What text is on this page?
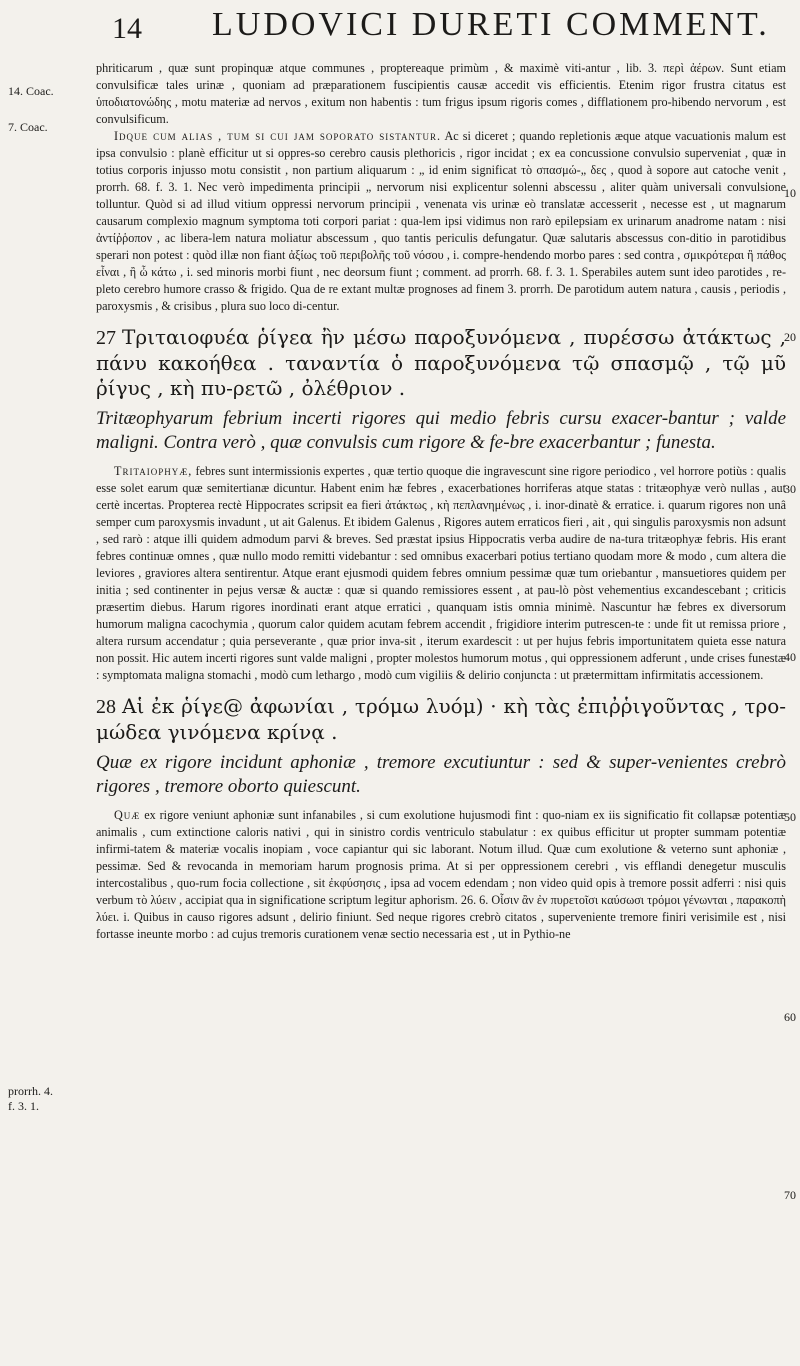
14 LUDOVICI DURETI COMMENT.
14. Coac.
7. Coac.
prorrh. 4.
f. 3. 1.
10
20
30
40
50
60
70

phriticarum , quæ sunt propinquæ atque communes , proptereaque primùm , & maximè viti-antur , lib. 3. περὶ ἀέρων. Sunt etiam convulsificæ tales urinæ , quoniam ad præparationem fuscipientis causæ accedit vis efficientis. Etenim rigor frustra citatus est ὑποδιατονώδης , motu materiæ ad nervos , exitum non habentis : tum frigus ipsum rigoris comes , difflationem pro-hibendo nervorum , est convulsificum.

Idque cum alias , tum si cui jam soporato sistantur. Ac si diceret ; quando repletionis æque atque vacuationis malum est ipsa convulsio : planè efficitur ut si oppres-so cerebro causis plethoricis , rigor incidat ; ex ea concussione convulsio superveniat , quæ in totius corporis injusso motu consistit , non partium aliquarum : „ id enim significat τὸ σπασμώ-„ δες , quod à sopore aut catoche venit , prorrh. 68. f. 3. 1. Nec verò impedimenta principii „ nervorum nisi explicentur solenni abscessu , aliter quàm universali convulsione tolluntur. Quòd si ad illud vitium oppressi nervorum principii , venenata vis urinæ eò translatæ accesserit , necesse est , ut magnarum causarum complexio magnum symptoma toti corpori pariat : qua-lem ipsi vidimus non rarò epilepsiam ex urinarum anadrome natam : nisi ἀντίῤῥοπον , ac libera-lem natura moliatur abscessum , quo tantis periculis defungatur. Quæ salutaris abscessus con-ditio in parotidibus sperari non potest : quòd illæ non fiant ἀξίως τοῦ περιβολῆς τοῦ νόσου , i. compre-hendendo morbo pares : sed contra , σμικρότεραι ἢ πάθος εἶναι , ἢ ὦ κάτω , i. sed minoris morbi fiunt , nec deorsum fiunt ; comment. ad prorrh. 68. f. 3. 1. Sperabiles autem sunt ideo parotides , re-pleto cerebro humore crasso & frigido. Qua de re extant multæ prognoses ad finem 3. prorrh. De parotidum autem natura , causis , periodis , paroxysmis , & crisibus , plura suo loco di-centur.

27 Τριταιοφυέα ῥίγεα ἢν μέσω παροξυνόμενα , πυρέσσω ἀτάκτως , πάνυ κακοήθεα . ταναντία ὁ παροξυνόμενα τῷ σπασμῷ , τῷ μῦ ῥίγυς , κὴ πυ-ρετῶ , ὀλέθριον .
Tritæophyarum febrium incerti rigores qui medio febris cursu exacer-bantur ; valde maligni. Contra verò , quæ convulsis cum rigore & fe-bre exacerbantur ; funesta.

Tritaiophyæ, febres sunt intermissionis expertes , quæ tertio quoque die ingravescunt sine rigore periodico , vel horrore potiùs : qualis esse solet earum quæ semitertianæ dicuntur. Habent enim hæ febres , exacerbationes horriferas atque statas : tritæophyæ verò nullas , aut certè incertas. Propterea rectè Hippocrates scripsit ea fieri ἀτάκτως , κὴ πεπλανημένως , i. inor-dinatè & erratice. i. quarum rigores non unâ semper cum paroxysmis invadunt , ut ait Galenus. Et ibidem Galenus , Rigores autem erraticos fieri , ait , qui singulis paroxysmis non adsunt , sed rarò : atque illi quidem admodum parvi & breves. Sed præstat ipsius Hippocratis verba audire de na-tura tritæophyæ febris. His erant febres continuæ omnes , quæ nullo modo remitti videbantur : sed omnibus exacerbari potius tertiano quodam more & modo , cum altera die leviores , graviores altera sentirentur. Atque erant ejusmodi quidem febres omnium pessimæ quæ tum oriebantur , mansuetiores quidem per initia ; sed continenter in pejus versæ & auctæ : quæ si quando remissiores essent , at pau-lò pòst vehementius excandescebant ; criticis præsertim diebus. Harum rigores inordinati erant atque erratici , quanquam istis omnia minimè. Nascuntur hæ febres ex diversorum humorum maligna cacochymia , quorum calor quidem acutam febrem accendit , frigidiore interim putrescen-te : unde fit ut remissa priore , altera rursum accendatur ; quia perseverante , quæ prior inva-sit , iterum exardescit : ut per hujus febris importunitatem quieta esse natura non possit. Hic autem incerti rigores sunt valde maligni , propter molestos humorum motus , qui oppressionem adferunt , unde crises funestæ : symptomata maligna stomachi , modò cum lethargo , modò cum vigiliis & delirio conjuncta : ut prætermittam infirmitatis accessionem.

28 Αἱ ἐκ ῥίγε@ ἀφωνίαι , τρόμω λυόμ) · κὴ τὰς ἐπιῤῥιγοῦντας , τρο-μώδεα γινόμενα κρίνᾳ .
Quæ ex rigore incidunt aphoniæ , tremore excutiuntur : sed & super-venientes crebrò rigores , tremore oborto quiescunt.

Quæ ex rigore veniunt aphoniæ sunt infanabiles , si cum exolutione hujusmodi fint : quo-niam ex iis significatio fit collapsæ potentiæ animalis , cum extinctione caloris nativi , qui in sinistro cordis ventriculo stabulatur : ex quibus efficitur ut propter summam potentiæ infirmi-tatem & materiæ vocalis inopiam , voce capiantur qui sic laborant. Notum illud. Quæ cum exolutione & veterno sunt aphoniæ , pessimæ. Sed & revocanda in memoriam harum prognosis prima. At si per oppressionem cerebri , vis efflandi denegetur musculis intercostalibus , quo-rum focia collectione , sit ἐκφύσησις , ipsa ad vocem edendam ; non video quid opis à tremore possit adferri : nisi quis verbum τὸ λύειν , accipiat qua in significatione scriptum legitur aphorism. 26. 6. Οἷσιν ἂν ἐν πυρετοῖσι καύσωσι τρόμοι γένωνται , παρακοπὴ λύει. i. Quibus in causo rigores adsunt , delirio finiunt. Sed neque rigores crebrò citatos , superveniente tremore finiri verisimile est , nisi fortasse ineunte morbo : ad cujus tremoris curationem venæ sectio necessaria est , ut in Pythio-ne
